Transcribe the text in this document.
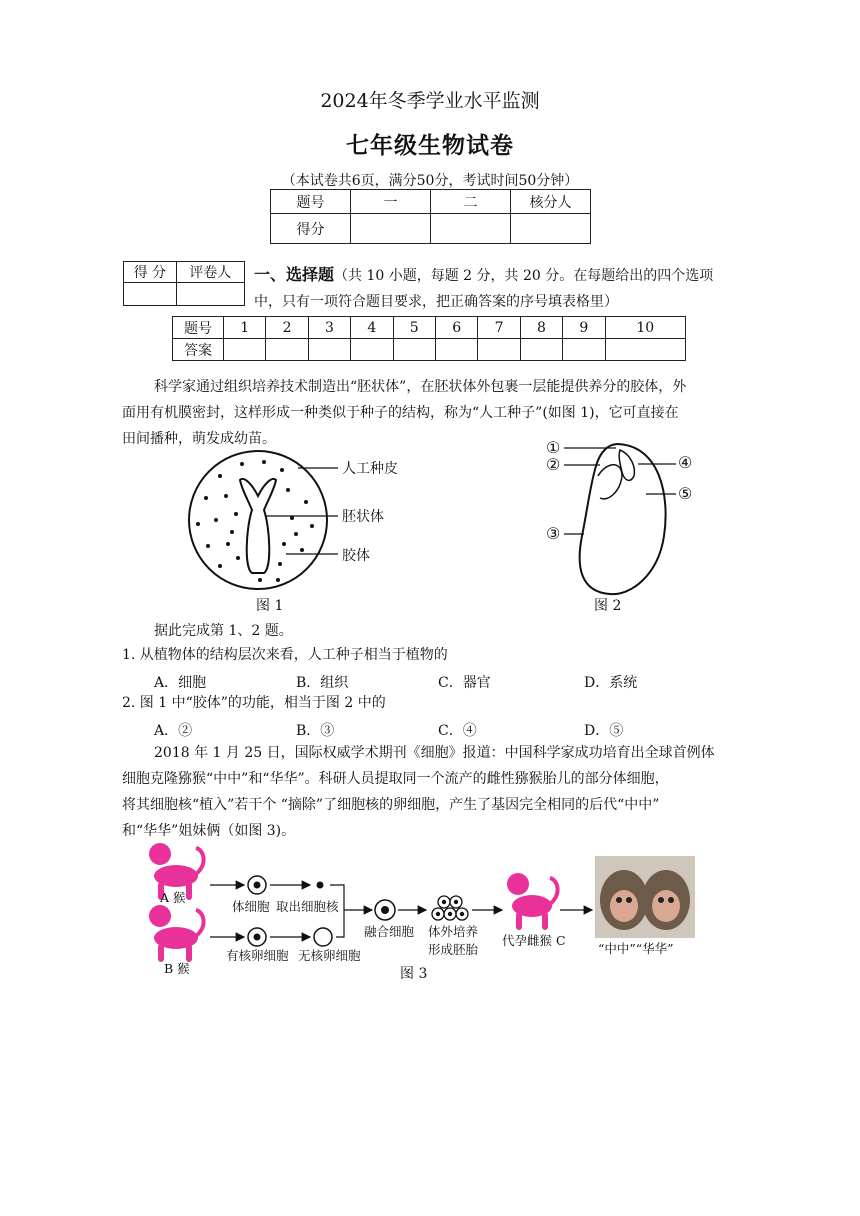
2024年冬季学业水平监测
七年级生物试卷
（本试卷共6页，满分50分，考试时间50分钟）
题号	一	二	核分人
得分			
得 分	评卷人
	一、选择题（共 10 小题，每题 2 分，共 20 分。在每题给出的四个选项
中，只有一项符合题目要求，把正确答案的序号填表格里）
题号	1	2	3	4	5	6	7	8	9	10
答案										
科学家通过组织培养技术制造出“胚状体”，在胚状体外包裹一层能提供养分的胶体，外
面用有机膜密封，这样形成一种类似于种子的结构，称为“人工种子”(如图 1)，它可直接在
田间播种，萌发成幼苗。
人工种皮
胚状体
胶体
图 1
①
②
③
④
⑤
图 2
据此完成第 1、2 题。
1. 从植物体的结构层次来看，人工种子相当于植物的
A．细胞	B．组织	C．器官	D．系统
2. 图 1 中“胶体”的功能，相当于图 2 中的
A．②	B．③	C．④	D．⑤
2018 年 1 月 25 日，国际权威学术期刊《细胞》报道：中国科学家成功培育出全球首例体
细胞克隆猕猴“中中”和“华华”。科研人员提取同一个流产的雌性猕猴胎儿的部分体细胞，
将其细胞核“植入”若干个 “摘除”了细胞核的卵细胞，产生了基因完全相同的后代“中中”
和“华华”姐妹俩（如图 3)。
A 猴
B 猴
体细胞 取出细胞核
有核卵细胞 无核卵细胞
融合细胞 体外培养
形成胚胎
代孕雌猴 C
“中中”“华华”
图 3
